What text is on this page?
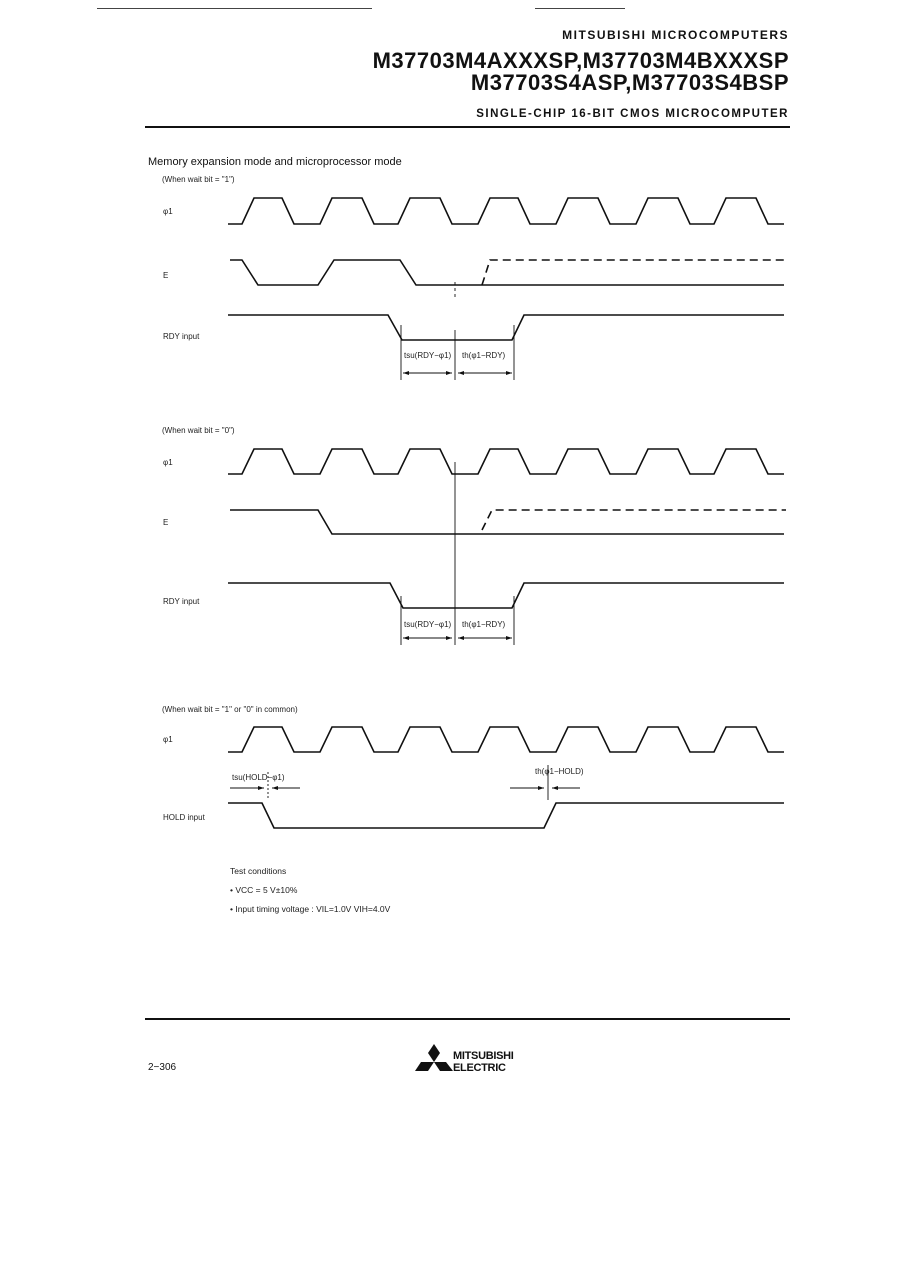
MITSUBISHI MICROCOMPUTERS
M37703M4AXXXSP,M37703M4BXXXSP
M37703S4ASP,M37703S4BSP
SINGLE-CHIP 16-BIT CMOS MICROCOMPUTER
Memory expansion mode and microprocessor mode
(When wait bit = "1")
φ1
E
RDY input
tsu(RDY−φ1) th(φ1−RDY)
(When wait bit = "0")
φ1
E
RDY input
tsu(RDY−φ1) th(φ1−RDY)
(When wait bit = "1" or "0" in common)
φ1
HOLD input
tsu(HOLD−φ1)
th(φ1−HOLD)
Test conditions
• VCC = 5 V±10%
• Input timing voltage : VIL=1.0V VIH=4.0V
2−306
MITSUBISHI
ELECTRIC
